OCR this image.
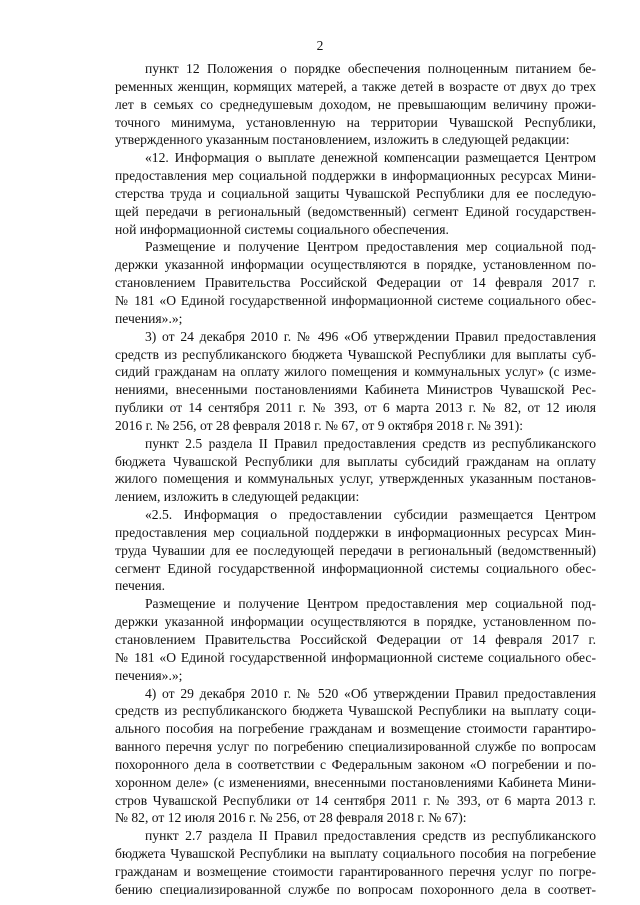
2
пункт 12 Положения о порядке обеспечения полноценным питанием бе-
ременных женщин, кормящих матерей, а также детей в возрасте от двух до трех
лет в семьях со среднедушевым доходом, не превышающим величину прожи-
точного минимума, установленную на территории Чувашской Республики,
утвержденного указанным постановлением, изложить в следующей редакции:
«12. Информация о выплате денежной компенсации размещается Центром
предоставления мер социальной поддержки в информационных ресурсах Мини-
стерства труда и социальной защиты Чувашской Республики для ее последую-
щей передачи в региональный (ведомственный) сегмент Единой государствен-
ной информационной системы социального обеспечения.
Размещение и получение Центром предоставления мер социальной под-
держки указанной информации осуществляются в порядке, установленном по-
становлением Правительства Российской Федерации от 14 февраля 2017 г.
№ 181 «О Единой государственной информационной системе социального обес-
печения».»;
3) от 24 декабря 2010 г. № 496 «Об утверждении Правил предоставления
средств из республиканского бюджета Чувашской Республики для выплаты суб-
сидий гражданам на оплату жилого помещения и коммунальных услуг» (с изме-
нениями, внесенными постановлениями Кабинета Министров Чувашской Рес-
публики от 14 сентября 2011 г. № 393, от 6 марта 2013 г. № 82, от 12 июля
2016 г. № 256, от 28 февраля 2018 г. № 67, от 9 октября 2018 г. № 391):
пункт 2.5 раздела II Правил предоставления средств из республиканского
бюджета Чувашской Республики для выплаты субсидий гражданам на оплату
жилого помещения и коммунальных услуг, утвержденных указанным постанов-
лением, изложить в следующей редакции:
«2.5. Информация о предоставлении субсидии размещается Центром
предоставления мер социальной поддержки в информационных ресурсах Мин-
труда Чувашии для ее последующей передачи в региональный (ведомственный)
сегмент Единой государственной информационной системы социального обес-
печения.
Размещение и получение Центром предоставления мер социальной под-
держки указанной информации осуществляются в порядке, установленном по-
становлением Правительства Российской Федерации от 14 февраля 2017 г.
№ 181 «О Единой государственной информационной системе социального обес-
печения».»;
4) от 29 декабря 2010 г. № 520 «Об утверждении Правил предоставления
средств из республиканского бюджета Чувашской Республики на выплату соци-
ального пособия на погребение гражданам и возмещение стоимости гарантиро-
ванного перечня услуг по погребению специализированной службе по вопросам
похоронного дела в соответствии с Федеральным законом «О погребении и по-
хоронном деле» (с изменениями, внесенными постановлениями Кабинета Мини-
стров Чувашской Республики от 14 сентября 2011 г. № 393, от 6 марта 2013 г.
№ 82, от 12 июля 2016 г. № 256, от 28 февраля 2018 г. № 67):
пункт 2.7 раздела II Правил предоставления средств из республиканского
бюджета Чувашской Республики на выплату социального пособия на погребение
гражданам и возмещение стоимости гарантированного перечня услуг по погре-
бению специализированной службе по вопросам похоронного дела в соответ-
